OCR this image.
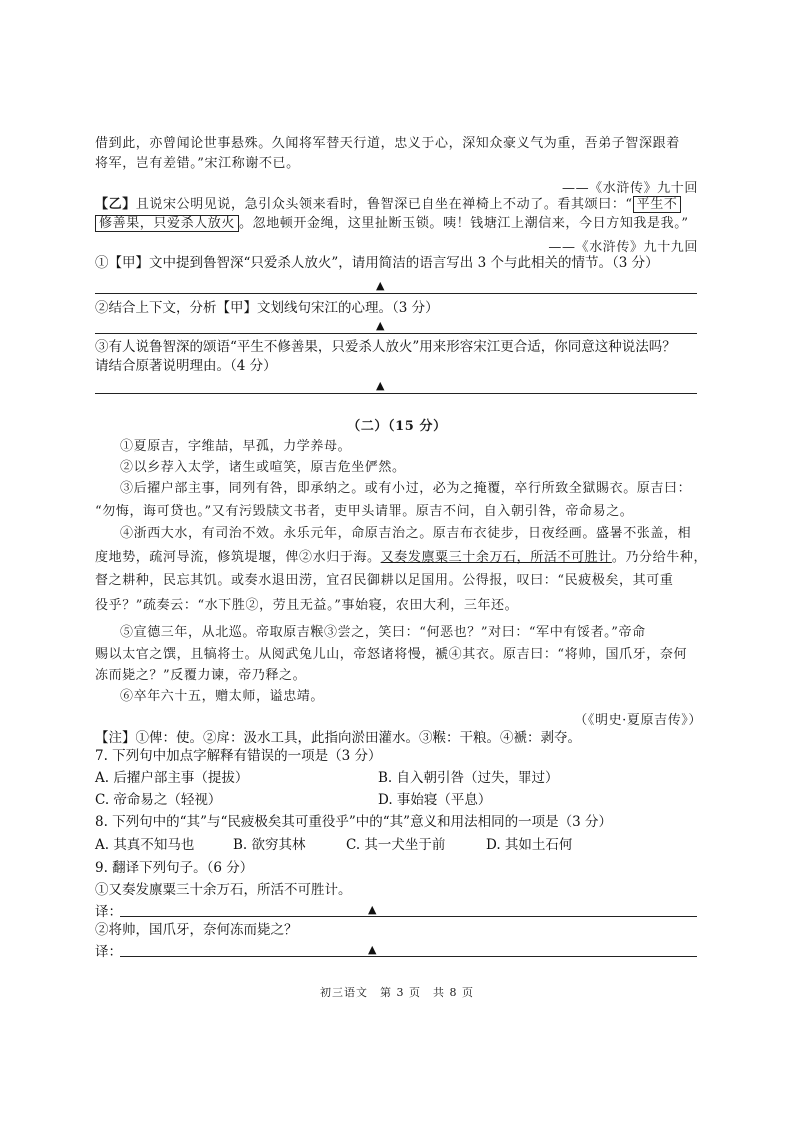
借到此，亦曾闻论世事悬殊。久闻将军替天行道，忠义于心，深知众豪义气为重，吾弟子智深跟着
将军，岂有差错。”宋江称谢不已。
——《水浒传》九十回
【乙】且说宋公明见说，急引众头领来看时，鲁智深已自坐在禅椅上不动了。看其颂曰：“ 平生不
修善果，只爱杀人放火 。忽地顿开金绳，这里扯断玉锁。咦！钱塘江上潮信来，今日方知我是我。”
——《水浒传》九十九回
①【甲】文中提到鲁智深“只爱杀人放火”，请用简洁的语言写出 3 个与此相关的情节。（3 分）
▲
②结合上下文，分析【甲】文划线句宋江的心理。（3 分）
▲
③有人说鲁智深的颂语“平生不修善果，只爱杀人放火”用来形容宋江更合适，你同意这种说法吗？
请结合原著说明理由。（4 分）
▲
（二）（15 分）
①夏原吉，字维喆，早孤，力学养母。
②以乡荐入太学，诸生或喧笑，原吉危坐俨然。
③后擢户部主事，同列有咎，即承纳之。或有小过，必为之掩覆，卒行所致全獄賜衣。原吉曰：
“勿悔，诲可贷也。”又有污毁牍文书者，吏甲头请罪。原吉不问，自入朝引咎，帝命易之。
④浙西大水，有司治不效。永乐元年，命原吉治之。原吉布衣徒步，日夜经画。盛暑不张盖，相
度地势，疏河导流，修筑堤堰，俾②水归于海。又奏发廪粟三十余万石，所活不可胜计。乃分给牛种，
督之耕种，民忘其饥。或奏水退田涝，宜召民御耕以足国用。公得报，叹曰：“民疲极矣，其可重
役乎？”疏奏云：“水下胜②，劳且无益。”事始寝，农田大利，三年还。
⑤宣德三年，从北巡。帝取原吉糇③尝之，笑曰：“何恶也？”对曰：“军中有馁者。”帝命
赐以太官之馔，且犒将士。从阅武兔儿山，帝怒诸将慢，褫④其衣。原吉曰：“将帅，国爪牙，奈何
冻而毙之？”反覆力谏，帝乃释之。
⑥卒年六十五，赠太师，谥忠靖。
（《明史·夏原吉传》）
【注】①俾：使。②戽：汲水工具，此指向淤田灌水。③糇：干粮。④褫：剥夺。
7. 下列句中加点字解释有错误的一项是（3 分）
A. 后擢户部主事（提拔）	B. 自入朝引咎（过失，罪过）
C. 帝命易之（轻视）	D. 事始寝（平息）
8. 下列句中的“其”与“民疲极矣其可重役乎”中的“其”意义和用法相同的一项是（3 分）
A. 其真不知马也	B. 欲穷其林	C. 其一犬坐于前	D. 其如土石何
9. 翻译下列句子。（6 分）
①又奏发廪粟三十余万石，所活不可胜计。
译：	▲
②将帅，国爪牙，奈何冻而毙之？
译：	▲
初三语文　第 3 页　共 8 页
